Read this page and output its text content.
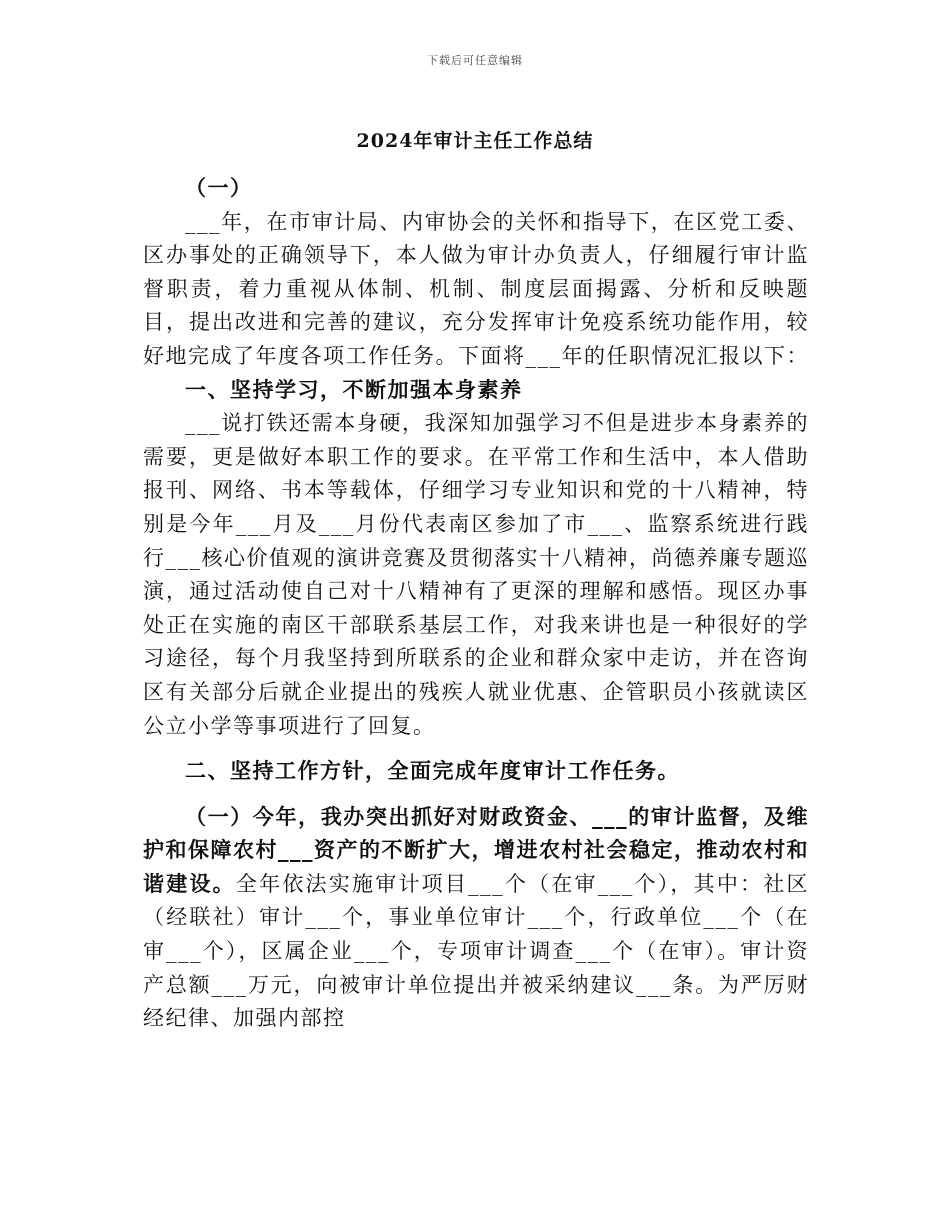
下载后可任意编辑
2024年审计主任工作总结

（一）

___年，在市审计局、内审协会的关怀和指导下，在区党工委、区办事处的正确领导下，本人做为审计办负责人，仔细履行审计监督职责，着力重视从体制、机制、制度层面揭露、分析和反映题目，提出改进和完善的建议，充分发挥审计免疫系统功能作用，较好地完成了年度各项工作任务。下面将___年的任职情况汇报以下：

一、坚持学习，不断加强本身素养

___说打铁还需本身硬，我深知加强学习不但是进步本身素养的需要，更是做好本职工作的要求。在平常工作和生活中，本人借助报刊、网络、书本等载体，仔细学习专业知识和党的十八精神，特别是今年___月及___月份代表南区参加了市___、监察系统进行践行___核心价值观的演讲竞赛及贯彻落实十八精神，尚德养廉专题巡演，通过活动使自己对十八精神有了更深的理解和感悟。现区办事处正在实施的南区干部联系基层工作，对我来讲也是一种很好的学习途径，每个月我坚持到所联系的企业和群众家中走访，并在咨询区有关部分后就企业提出的残疾人就业优惠、企管职员小孩就读区公立小学等事项进行了回复。

二、坚持工作方针，全面完成年度审计工作任务。

（一）今年，我办突出抓好对财政资金、___的审计监督，及维护和保障农村___资产的不断扩大，增进农村社会稳定，推动农村和谐建设。全年依法实施审计项目___个（在审___个），其中：社区（经联社）审计___个，事业单位审计___个，行政单位___个（在审___个），区属企业___个，专项审计调查___个（在审）。审计资产总额___万元，向被审计单位提出并被采纳建议___条。为严厉财经纪律、加强内部控
